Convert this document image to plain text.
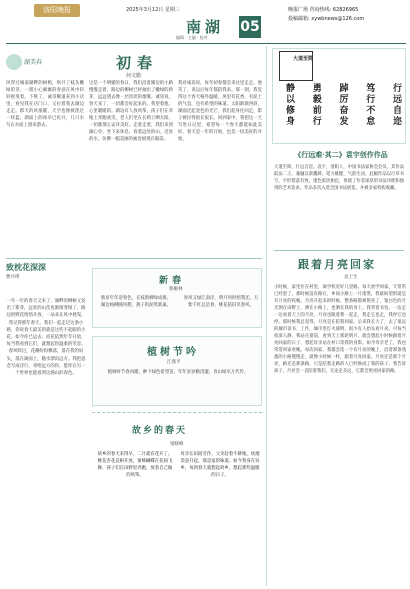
洛阳晚报	2025年3月12日 星期三
南湖
编辑 · 主编 · 校对
05
晚报广场 咨询热线: 62826965
投稿邮箱: xywbnews@126.com
湖美春	初春
何文勤
风穿过城南湖畔的树梢，吹开了枝头嫩绿的芽，一派小心翼翼的春意在风中轻轻摇曳着。下班了，诚哥顺道来到小店里，看见我在店门口，又拉着我去湖边走走。那天的风很暖，天空也像被洗过一样蓝，湖面上的冰早已化开，几只水鸟在水面上游来游去。
这是一个明媚的春日，我们沿着湖边的小路慢慢走着，路边的柳树已经抽出了嫩绿的新芽，远远望去像一层淡淡的烟雾。诚哥说，春天来了，一切都会好起来的。我望着他，心里暖暖的。湖边有人放风筝，孩子们在草地上奔跑欢笑，老人们坐在长椅上晒太阳，一切都那么安详美好。走着走着，我们来到湖心亭，坐下来休息，看着远处的山，近处的水，仿佛一幅美丽的画卷展现在眼前。
我对诚哥说，每年初春都会来这里走走。他笑了，说以后每年都陪我来。那一刻，我觉得这个春天格外温暖，风里有花香，有泥土的气息，也有希望的味道。太阳渐渐西斜，湖面泛起金色的光芒，我们起身往回走，影子被拉得很长很长。回到家中，我把这一天写进日记里，希望每一个春天都能如此美好。春天是一年的开始，也是一切美好的开始。
致枕花深深
曹丹瑛
一年一年的春天又来了，湖畔的柳树又发出了新芽，远处的山峦也渐渐变绿了，路边的野花悄悄开放，一朵朵在风中摇曳。我记得那年春天，我们一起走过这条小路，你说春天最美的就是这些不起眼的小花。如今你已远去，而花依然年年开放，每当我看到它们，就想起你温柔的笑容。春风吹过，花瓣纷纷飘落，落在我的肩头，落在湖面上，随水漂向远方。我把思念写成诗行，寄给远方的你，愿你在另一个世界也能看到这满山的春色。
新春
蔡雁林
新岁年年迎春色，长枝新柳绿成排。湖边杨柳随风摆，燕子衔泥筑新巢。
春风又绿江南岸，明月何时照我还。万紫千红总是春，桃花依旧笑春风。
植树节吟
江燕平
植树时节春风暖，种下绿色希望苗。年年岁岁勤浇灌，青山绿水万代传。
故乡的春天
梁晓峰
故乡的春天来得早，二月就有花开了。桃花杏花竞相开放，蜜蜂蝴蝶在花间飞舞，孩子们在田野里奔跑，放着自己做的风筝。
母亲在田间劳作，父亲赶着牛耕地，炊烟袅袅升起，那是家的味道。如今我身在异乡，每到春天就想起故乡，想起那些温暖的日子。
大道至简
行远自迩
笃行不怠
踔厉奋发
勇毅前行
静以修身
《行远难·其二》袁宇创作作品
大道至简，行远自迩。袁宇，洛阳人，中国书法家协会会员。其作品取法二王，兼融汉隶魏碑，笔力雄健，气韵生动。此幅作品以行草书写，字形错落有致，墨色浓淡相宜，体现了作者深厚的书法功底和独到的艺术追求。作品多次入选全国书法展览，并被多家机构收藏。
跟着月亮回家
袁士生
小时候，家里住在村里，离学校有好几里路。每天放学回家，天常常已经黑了。那时候没有路灯，乡间小路上一片漆黑，我最盼望的就是有月亮的夜晚。月亮升起来的时候，整条路都被照亮了，银白色的月光洒在田野上，洒在小路上，也洒在我的身上。我背着书包，一边走一边看着天上的月亮，月亮也跟着我一起走，我走它也走，我停它也停。那时候我总觉得，月亮是在陪我回家。后来我长大了，去了很远的城市读书、工作，城市里灯火通明，很少有人抬头看月亮。可每当夜深人静，我站在窗前，看到天上那轮明月，就会想起小时候跟着月亮回家的日子，想起母亲站在村口等我的身影。如今母亲老了，我也常常回家看她。每次回家，我都会选一个有月亮的晚上，沿着那条熟悉的小路慢慢走，就像小时候一样，跟着月亮回家。月亮还是那个月亮，路还是那条路，只是陪我走路的人已经换成了我的孩子。我告诉孩子，月亮会一直陪着我们，无论走多远，它都会照亮回家的路。
